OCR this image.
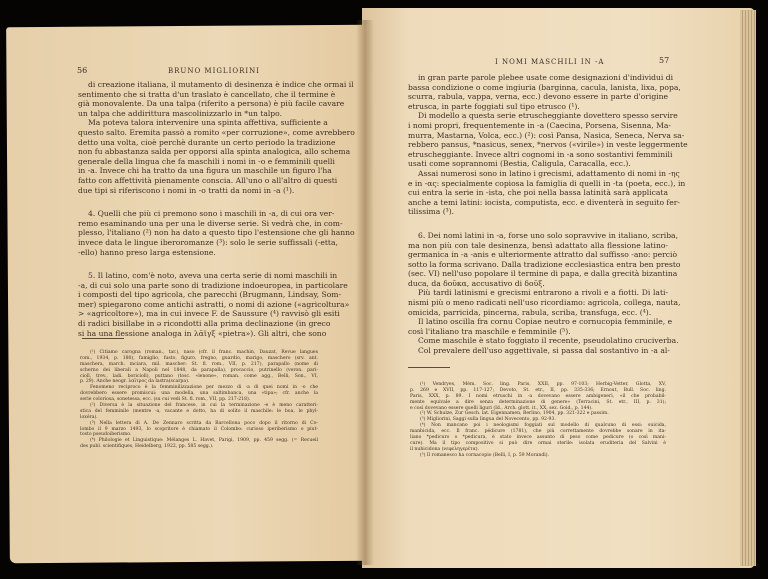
56	BRUNO MIGLIORINI
di creazione italiana, il mutamento di desinenza è indice che ormai il
sentimento che si tratta d'un traslato è cancellato, che il termine è
già monovalente. Da una talpa (riferito a persona) è più facile cavare
un talpa che addirittura mascolinizzarlo in *un talpo.
Ma poteva talora intervenire una spinta affettiva, sufficiente a
questo salto. Eremita passò a romito «per corruzione», come avrebbero
detto una volta, cioè perchè durante un certo periodo la tradizione
non fu abbastanza salda per opporsi alla spinta analogica, allo schema
generale della lingua che fa maschili i nomi in -o e femminili quelli
in -a. Invece chi ha tratto da una figura un maschile un figuro l'ha
fatto con affettività pienamente conscia. All'uno o all'altro di questi
due tipi si riferiscono i nomi in -o tratti da nomi in -a (¹).
4. Quelli che più ci premono sono i maschili in -a, di cui ora ver-
remo esaminando una per una le diverse serie. Si vedrà che, in com-
plesso, l'italiano (²) non ha dato a questo tipo l'estensione che gli hanno
invece data le lingue iberoromanze (³): solo le serie suffissali (-etta,
-ello) hanno preso larga estensione.
5. Il latino, com'è noto, aveva una certa serie di nomi maschili in
-a, di cui solo una parte sono di tradizione indoeuropea, in particolare
i composti del tipo agricola, che parecchi (Brugmann, Lindsay, Som-
mer) spiegarono come antichi astratti, o nomi di azione («agricoltura»
> «agricoltore»), ma in cui invece F. de Saussure (⁴) ravvisò gli esiti
di radici bisillabe in ə ricondotti alla prima declinazione (in greco
si ha una flessione analoga in λᾶϊγξ «pietra»). Gli altri, che sono
(¹) Citiamo carogna (roman., tar.), naso (cfr. il franc. machin, Dauzat, Revue langues
rom., 1934, p. 180), famiglio, fusto, figuro, fregno, guardio, marigo, maschero (srv. ant.
maschera, march. mciara, mil. mascher: St. fl. rom., VII, p. 217), parapallo (nome di
scherno dei liberali a Napoli nel 1848, da parapalla), procaccio, putrinello (veron. pari-
cioll, trev., ladi. boricioll), puttano (tosc. «lenone», roman. come agg., Belli, Son., VI,
p. 29). Anche neogr. λαῖτρος da lastra(scarpa).
Fenomeno reciproco è la femminilizzazione per mezzo di -a di quei nomi in -o che
dovrebbero essere promiscui: una modella, una saltimbanca, una «tipa»; cfr. anche la
serie coloriosa, sonetessa, ecc. (su cui vedi St. fl. rom., VII, pp. 217-218).
(²) Diversa è la situazione del francese, in cui la terminazione -e è meno caratteri-
stica del femminile (mentre -a, vacante e dotto, ha di solito il maschile: le boa, le phyl-
loxéra).
(³) Nella lettera di A. De Zennaro scritta da Barcellona poco dopo il ritorno di Co-
lombo il 9 marzo 1493, lo scopritore è chiamato il Colombo: curioso iperiberismo o piut-
tosto pseudoiberismo.
(⁴) Philologie et Linguistique: Mélanges L. Havet, Parigi, 1909, pp. 459 segg. (= Recueil
des publ. scientifiques, Heidelberg, 1922, pp. 585 segg.).
I NOMI MASCHILI IN -A	57
in gran parte parole plebee usate come designazioni d'individui di
bassa condizione o come ingiuria (barginna, cacula, lanista, lixa, popa,
scurra, rabula, vappa, verna, ecc.) devono essere in parte d'origine
etrusca, in parte foggiati sul tipo etrusco (¹).
Di modello a questa serie etruscheggiante dovettero spesso servire
i nomi propri, frequentemente in -a (Caecina, Porsena, Sisenna, Ma-
murra, Mastarna, Volca, ecc.) (²): così Pansa, Nasica, Seneca, Nerva sa-
rebbero pansus, *nasicus, senex, *nervos («virile») in veste leggermente
etruscheggiante. Invece altri cognomi in -a sono sostantivi femminili
usati come soprannomi (Bestia, Caligula, Caracalla, ecc.).
Assai numerosi sono in latino i grecismi, adattamento di nomi in -ης
e in -ας: specialmente copiosa la famiglia di quelli in -ta (poeta, ecc.), in
cui entra la serie in -ista, che poi nella bassa latinità sarà applicata
anche a temi latini: iocista, computista, ecc. e diventerà in seguito fer-
tilissima (³).
6. Dei nomi latini in -a, forse uno solo sopravvive in italiano, scriba,
ma non più con tale desinenza, bensì adattato alla flessione latino-
germanica in -a -anis e ulteriormente attratto dal suffisso -ano: perciò
sotto la forma scrivano. Dalla tradizione ecclesiastica entra ben presto
(sec. VI) nell'uso popolare il termine di papa, e dalla grecità bizantina
duca, da δοῦκα, accusativo di δοῦξ.
Più tardi latinismi e grecismi entrarono a rivoli e a fiotti. Di lati-
nismi più o meno radicati nell'uso ricordiamo: agricola, collega, nauta,
omicida, parricida, pincerna, rabula, scriba, transfuga, ecc. (⁴).
Il latino oscilla fra cornu Copiae neutro e cornucopia femminile, e
così l'italiano tra maschile e femminile (⁵).
Come maschile è stato foggiato il recente, pseudolatino cruciverba.
Col prevalere dell'uso aggettivale, si passa dal sostantivo in -a al-
(¹) Vendryes, Mém. Soc. ling. Paris, XXII, pp. 97-103; Herbig-Vetter, Glotta, XV,
p. 269 e XVII, pp. 117-127; Devoto, St. etr., II, pp. 335-336; Ernout, Bull. Soc. ling.
Paris, XXX, p. 89. I nomi etruschi in -a dovevano essere ambigeneri, «il che probabil-
mente equivale a dire senza determinazione di genere» (Terracini, St. etr., III, p. 31);
e così dovevano essere quelli liguri (Id., Arch. glott. it., XX, sez. Goid., p. 144).
(²) W. Schulze, Zur Gesch. lat. Eigennamen, Berlino, 1904, pp. 321-322 e passim.
(³) Migliorini, Saggi sulla lingua del Novecento, pp. 92-93.
(⁴) Non mancano poi i neologismi foggiati sul modello di qualcuno di essi: suicida,
manbicida, ecc. Il franc. pédicure (1781), che più correttamente dovrebbe sonare in ita-
liano *pedicuro o *pedicura, è stato invece assunto di peso come pedicure (o così mani-
cure). Ma il tipo compositivo si può dire ormai sterile: isolata eruditeria del Salvini è
il nubicidona (νεφεληγερέτα).
(⁵) Il romanesco ha cornacopio (Belli, I, p. 59 Morandi).
